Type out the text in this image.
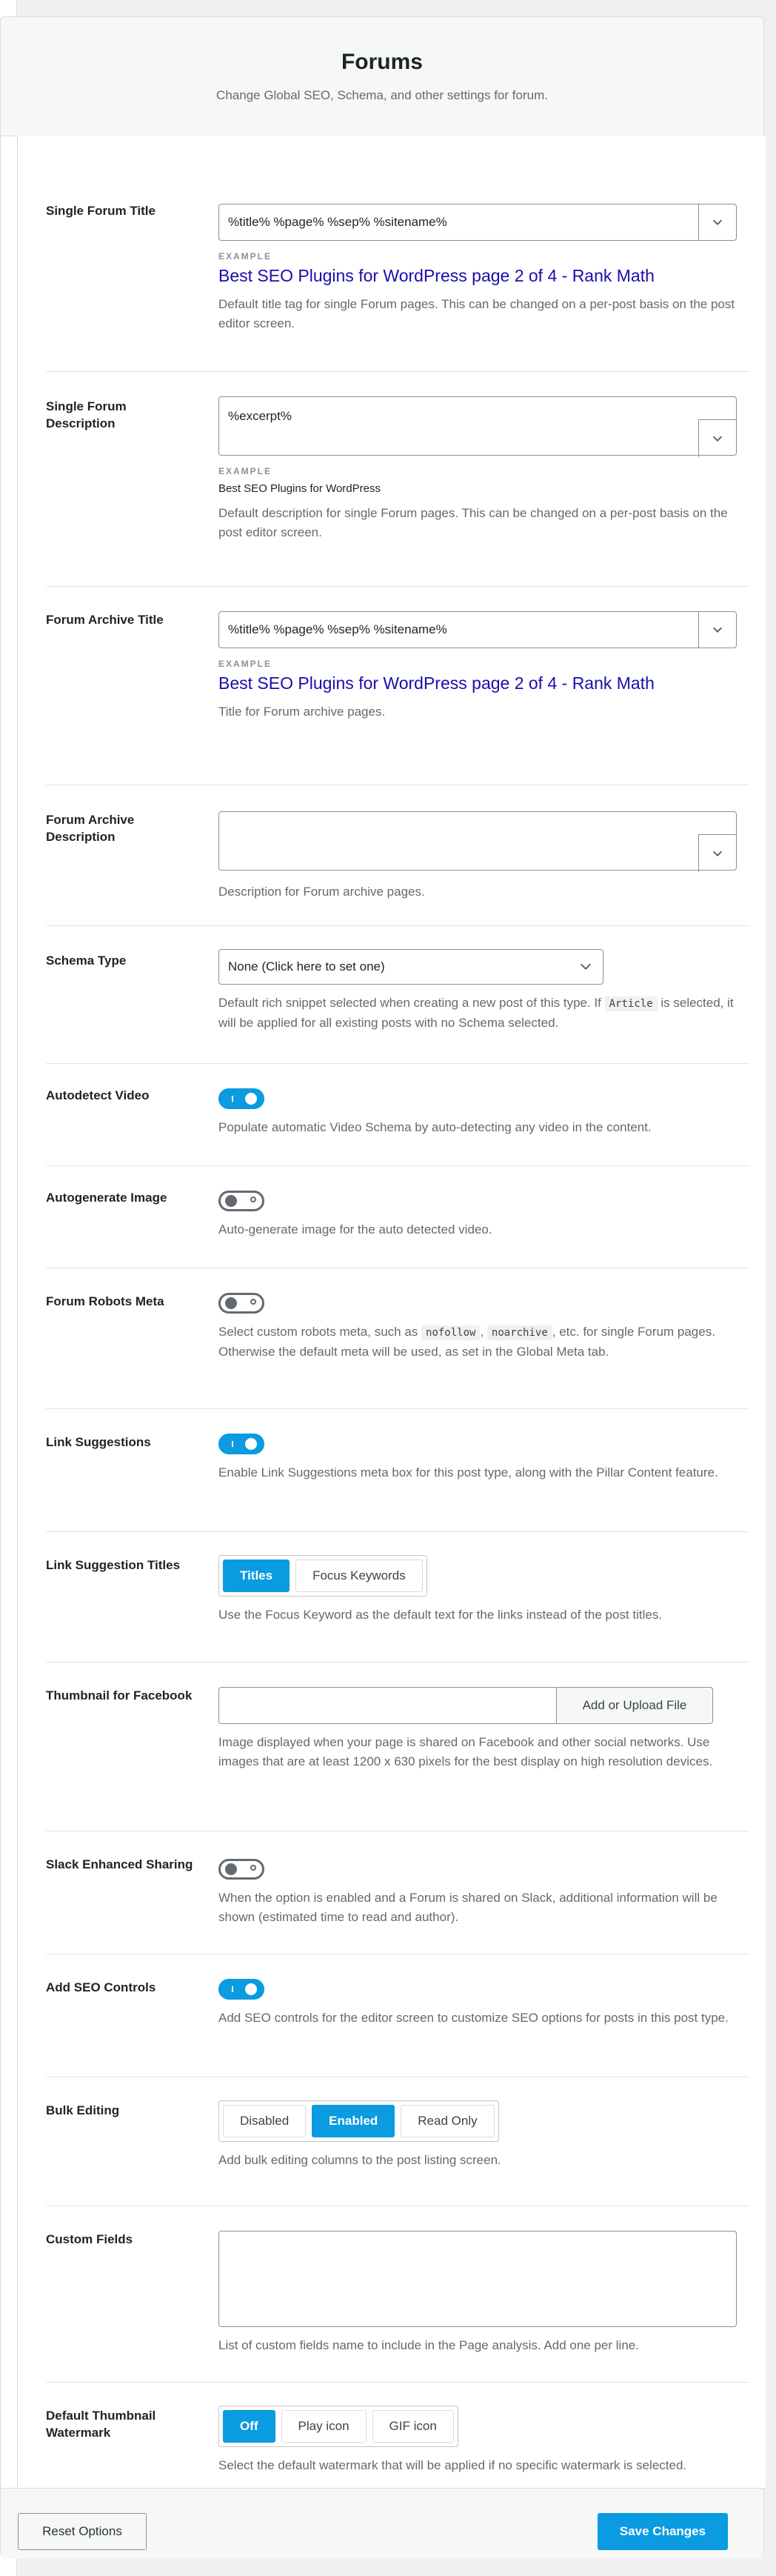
Forums

Change Global SEO, Schema, and other settings for forum.

Single Forum Title
%title% %page% %sep% %sitename%
EXAMPLE
Best SEO Plugins for WordPress page 2 of 4 - Rank Math
Default title tag for single Forum pages. This can be changed on a per-post basis on the post editor screen.
Single Forum Description
%excerpt%
EXAMPLE
Best SEO Plugins for WordPress
Default description for single Forum pages. This can be changed on a per-post basis on the post editor screen.
Forum Archive Title
%title% %page% %sep% %sitename%
EXAMPLE
Best SEO Plugins for WordPress page 2 of 4 - Rank Math
Title for Forum archive pages.
Forum Archive Description
Description for Forum archive pages.
Schema Type	None (Click here to set one)
Default rich snippet selected when creating a new post of this type. If Article is selected, it will be applied for all existing posts with no Schema selected.
Autodetect Video
Populate automatic Video Schema by auto-detecting any video in the content.
Autogenerate Image
Auto-generate image for the auto detected video.
Forum Robots Meta
Select custom robots meta, such as nofollow , noarchive , etc. for single Forum pages. Otherwise the default meta will be used, as set in the Global Meta tab.
Link Suggestions
Enable Link Suggestions meta box for this post type, along with the Pillar Content feature.
Link Suggestion Titles
Titles	Focus Keywords
Use the Focus Keyword as the default text for the links instead of the post titles.
Thumbnail for Facebook
Add or Upload File
Image displayed when your page is shared on Facebook and other social networks. Use images that are at least 1200 x 630 pixels for the best display on high resolution devices.
Slack Enhanced Sharing
When the option is enabled and a Forum is shared on Slack, additional information will be shown (estimated time to read and author).
Add SEO Controls
Add SEO controls for the editor screen to customize SEO options for posts in this post type.
Bulk Editing
Disabled	Enabled	Read Only
Add bulk editing columns to the post listing screen.
Custom Fields
List of custom fields name to include in the Page analysis. Add one per line.
Default Thumbnail Watermark	Off	Play icon	GIF icon
Select the default watermark that will be applied if no specific watermark is selected.
Reset Options	Save Changes
